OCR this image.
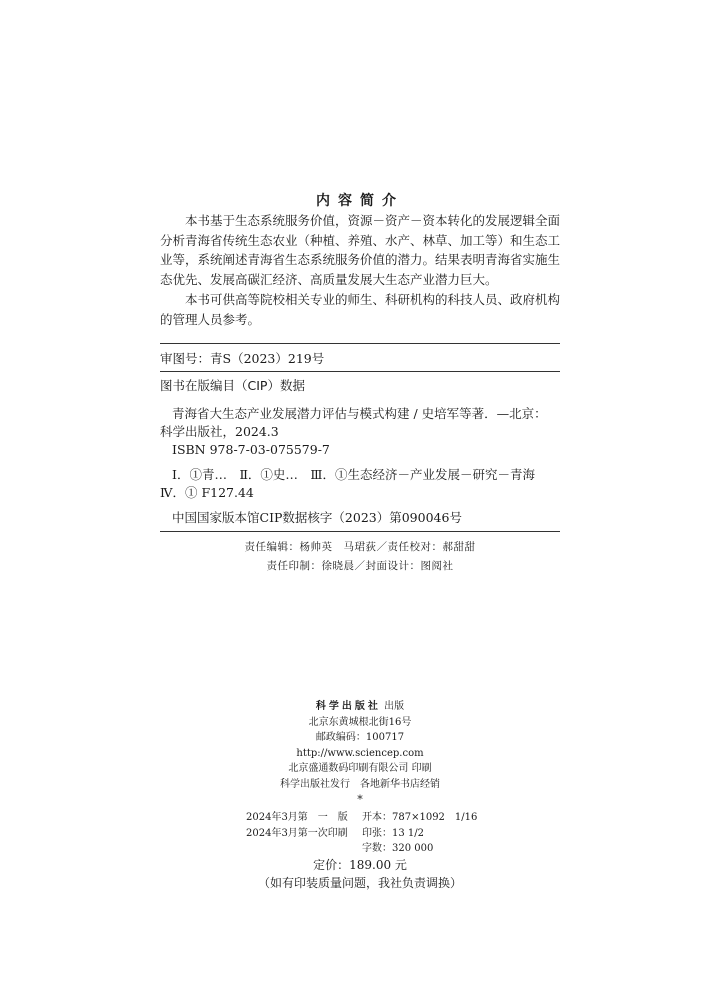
内容简介

本书基于生态系统服务价值，资源－资产－资本转化的发展逻辑全面分析青海省传统生态农业（种植、养殖、水产、林草、加工等）和生态工业等，系统阐述青海省生态系统服务价值的潜力。结果表明青海省实施生态优先、发展高碳汇经济、高质量发展大生态产业潜力巨大。

本书可供高等院校相关专业的师生、科研机构的科技人员、政府机构的管理人员参考。

审图号：青S（2023）219号
图书在版编目（CIP）数据
青海省大生态产业发展潜力评估与模式构建 / 史培军等著．—北京：
科学出版社，2024.3
ISBN 978-7-03-075579-7
Ⅰ．①青…　Ⅱ．①史…　Ⅲ．①生态经济－产业发展－研究－青海
Ⅳ．① F127.44
中国国家版本馆CIP数据核字（2023）第090046号
责任编辑：杨帅英　马珺荻／责任校对：郝甜甜
责任印制：徐晓晨／封面设计：图阅社
科学出版社 出版
北京东黄城根北街16号
邮政编码：100717
http://www.sciencep.com
北京盛通数码印刷有限公司 印刷
科学出版社发行　各地新华书店经销
*
2024年3月第　一　版 开本：787×1092　1/16
2024年3月第一次印刷 印张：13 1/2
字数：320 000
定价：189.00 元
（如有印装质量问题，我社负责调换）
